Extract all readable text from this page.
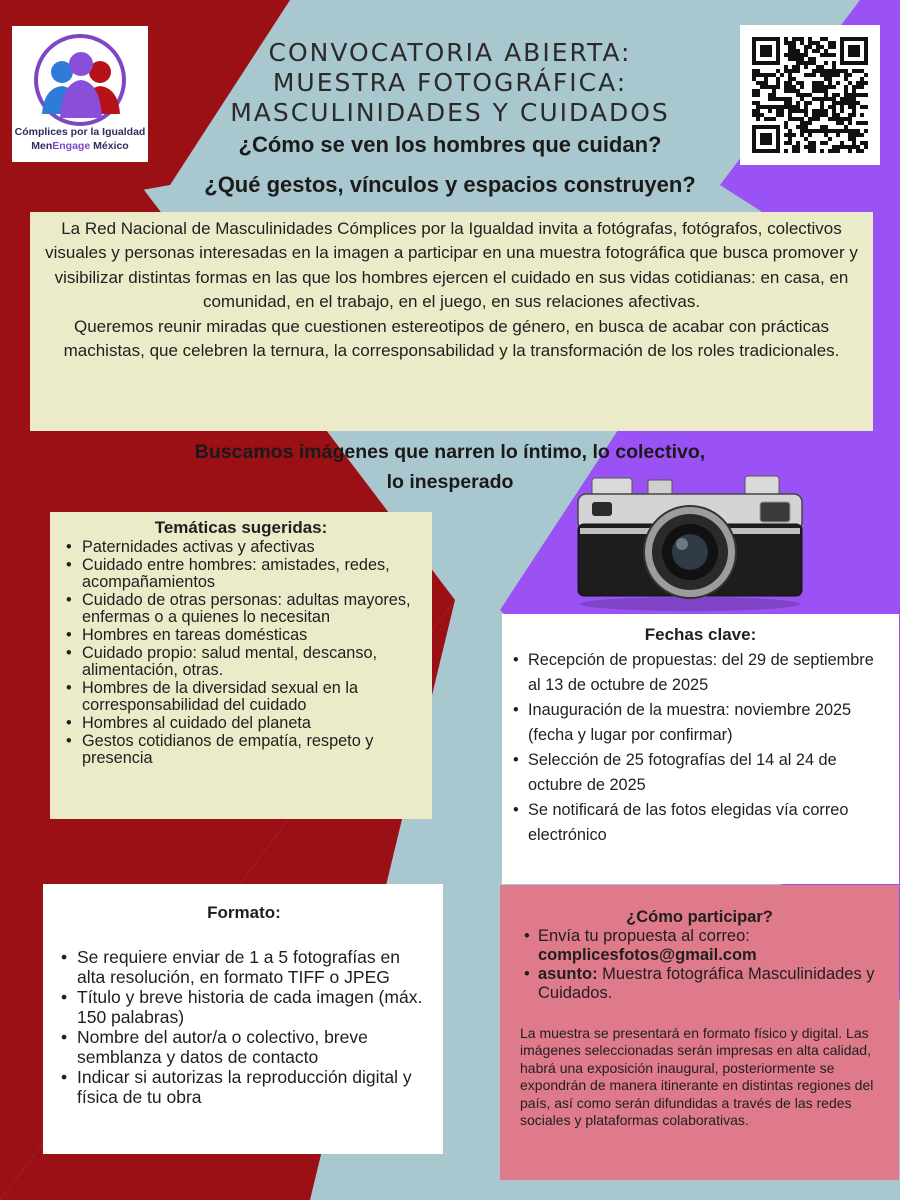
Cómplices por la Igualdad
MenEngage México
CONVOCATORIA ABIERTA:
MUESTRA FOTOGRÁFICA:
MASCULINIDADES Y CUIDADOS
¿Cómo se ven los hombres que cuidan?
¿Qué gestos, vínculos y espacios construyen?

La Red Nacional de Masculinidades Cómplices por la Igualdad invita a fotógrafas, fotógrafos, colectivos visuales y personas interesadas en la imagen a participar en una muestra fotográfica que busca promover y visibilizar distintas formas en las que los hombres ejercen el cuidado en sus vidas cotidianas: en casa, en comunidad, en el trabajo, en el juego, en sus relaciones afectivas.

Queremos reunir miradas que cuestionen estereotipos de género, en busca de acabar con prácticas machistas, que celebren la ternura, la corresponsabilidad y la transformación de los roles tradicionales.

Buscamos imágenes que narren lo íntimo, lo colectivo,
lo inesperado
Temáticas sugeridas:
• Paternidades activas y afectivas
• Cuidado entre hombres: amistades, redes, acompañamientos
• Cuidado de otras personas: adultas mayores, enfermas o a quienes lo necesitan
• Hombres en tareas domésticas
• Cuidado propio: salud mental, descanso, alimentación, otras.
• Hombres de la diversidad sexual en la corresponsabilidad del cuidado
• Hombres al cuidado del planeta
• Gestos cotidianos de empatía, respeto y presencia
Fechas clave:
• Recepción de propuestas: del 29 de septiembre al 13 de octubre de 2025
• Inauguración de la muestra: noviembre 2025 (fecha y lugar por confirmar)
• Selección de 25 fotografías del 14 al 24 de octubre de 2025
• Se notificará de las fotos elegidas vía correo electrónico
Formato:
• Se requiere enviar de 1 a 5 fotografías en alta resolución, en formato TIFF o JPEG
• Título y breve historia de cada imagen (máx. 150 palabras)
• Nombre del autor/a o colectivo, breve semblanza y datos de contacto
• Indicar si autorizas la reproducción digital y física de tu obra
¿Cómo participar?
• Envía tu propuesta al correo:
complicesfotos@gmail.com
• asunto: Muestra fotográfica Masculinidades y Cuidados.

La muestra se presentará en formato físico y digital. Las imágenes seleccionadas serán impresas en alta calidad, habrá una exposición inaugural, posteriormente se expondrán de manera itinerante en distintas regiones del país, así como serán difundidas a través de las redes sociales y plataformas colaborativas.
